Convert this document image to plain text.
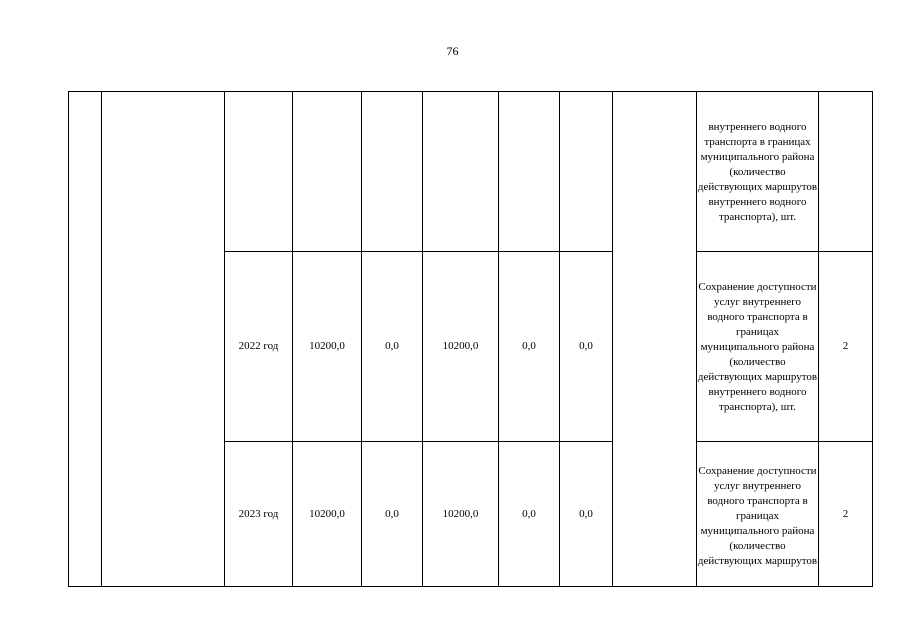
76

									внутреннего водного транспорта в границах муниципального района (количество действующих маршрутов внутреннего водного транспорта), шт.	

		2022 год	10200,0	0,0	10200,0	0,0	0,0		Сохранение доступности услуг внутреннего водного транспорта в границах муниципального района (количество действующих маршрутов внутреннего водного транспорта), шт.	2
		2023 год	10200,0	0,0	10200,0	0,0	0,0		Сохранение доступности услуг внутреннего водного транспорта в границах муниципального района (количество действующих маршрутов	2
